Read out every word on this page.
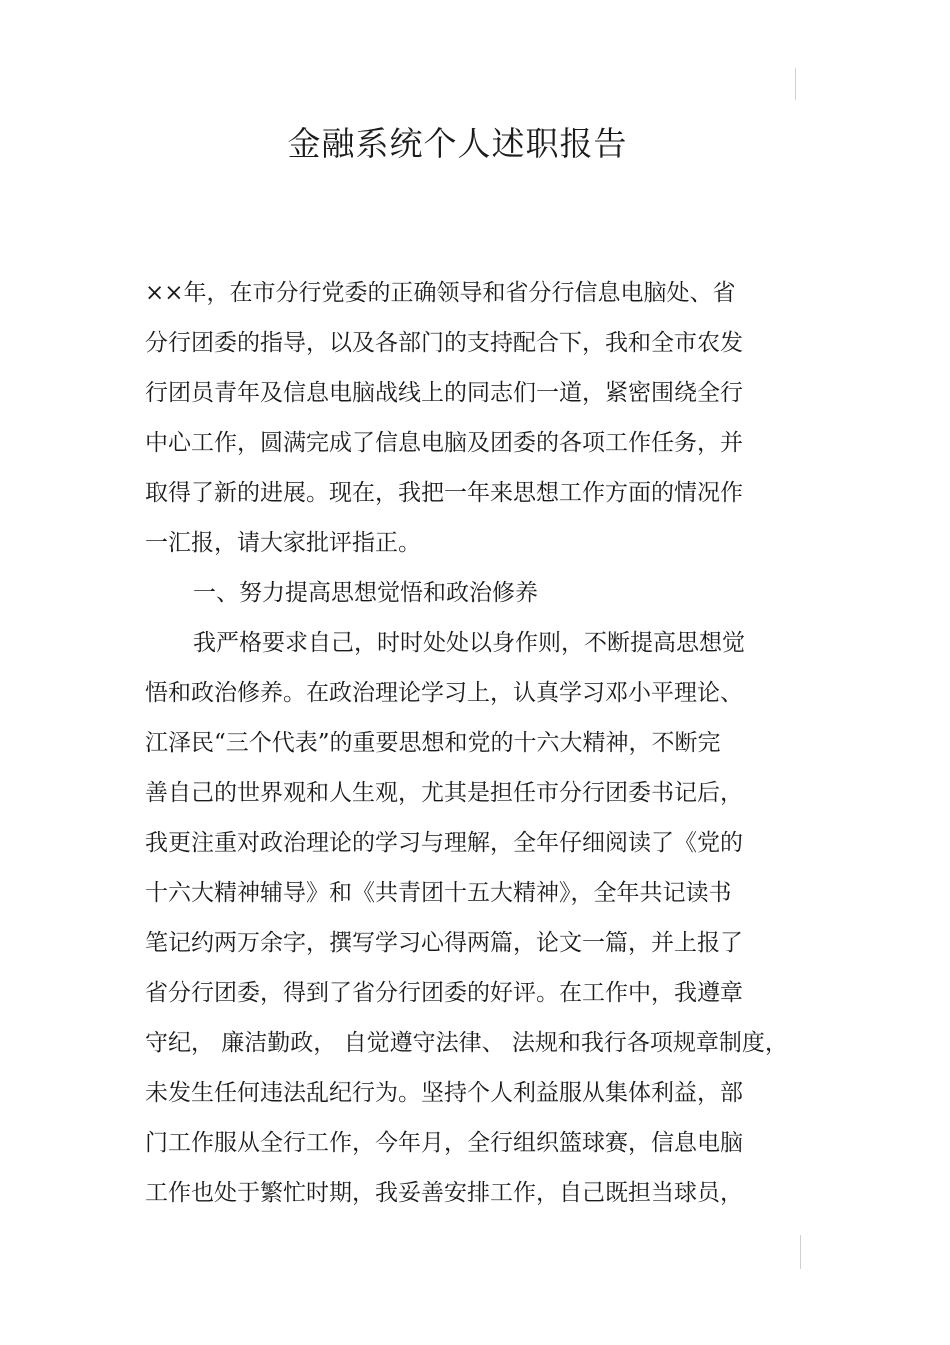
金融系统个人述职报告
××年，在市分行党委的正确领导和省分行信息电脑处、省
分行团委的指导，以及各部门的支持配合下，我和全市农发
行团员青年及信息电脑战线上的同志们一道，紧密围绕全行
中心工作，圆满完成了信息电脑及团委的各项工作任务，并
取得了新的进展。现在，我把一年来思想工作方面的情况作
一汇报，请大家批评指正。
一、努力提高思想觉悟和政治修养
我严格要求自己，时时处处以身作则，不断提高思想觉
悟和政治修养。在政治理论学习上，认真学习邓小平理论、
江泽民“三个代表”的重要思想和党的十六大精神，不断完
善自己的世界观和人生观，尤其是担任市分行团委书记后，
我更注重对政治理论的学习与理解，全年仔细阅读了《党的
十六大精神辅导》和《共青团十五大精神》，全年共记读书
笔记约两万余字，撰写学习心得两篇，论文一篇，并上报了
省分行团委，得到了省分行团委的好评。在工作中，我遵章
守纪， 廉洁勤政， 自觉遵守法律、 法规和我行各项规章制度，
未发生任何违法乱纪行为。坚持个人利益服从集体利益，部
门工作服从全行工作，今年月，全行组织篮球赛，信息电脑
工作也处于繁忙时期，我妥善安排工作，自己既担当球员，
